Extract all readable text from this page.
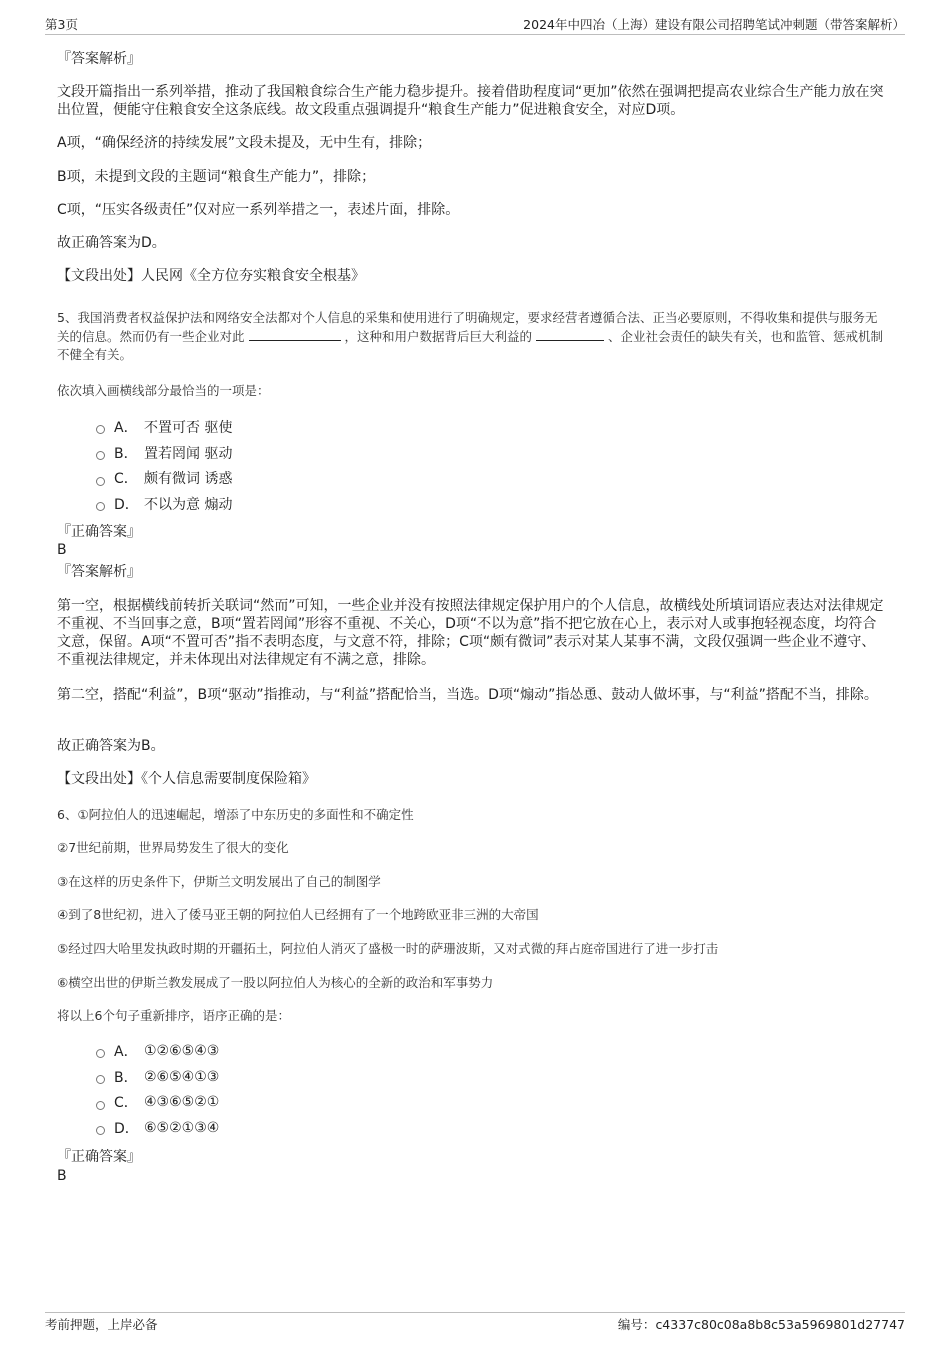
第3页	2024年中四冶（上海）建设有限公司招聘笔试冲刺题（带答案解析）
『答案解析』
文段开篇指出一系列举措，推动了我国粮食综合生产能力稳步提升。接着借助程度词“更加”依然在强调把提高农业综合生产能力放在突出位置，便能守住粮食安全这条底线。故文段重点强调提升“粮食生产能力”促进粮食安全，对应D项。
A项，“确保经济的持续发展”文段未提及，无中生有，排除；
B项，未提到文段的主题词“粮食生产能力”，排除；
C项，“压实各级责任”仅对应一系列举措之一，表述片面，排除。
故正确答案为D。
【文段出处】人民网《全方位夯实粮食安全根基》
5、我国消费者权益保护法和网络安全法都对个人信息的采集和使用进行了明确规定，要求经营者遵循合法、正当必要原则，不得收集和提供与服务无关的信息。然而仍有一些企业对此	，这种和用户数据背后巨大利益的	、企业社会责任的缺失有关，也和监管、惩戒机制不健全有关。
依次填入画横线部分最恰当的一项是：
A． 不置可否 驱使
B． 置若罔闻 驱动
C． 颇有微词 诱惑
D． 不以为意 煽动
『正确答案』
B
『答案解析』
第一空，根据横线前转折关联词“然而”可知，一些企业并没有按照法律规定保护用户的个人信息，故横线处所填词语应表达对法律规定不重视、不当回事之意，B项“置若罔闻”形容不重视、不关心，D项“不以为意”指不把它放在心上，表示对人或事抱轻视态度，均符合文意，保留。A项“不置可否”指不表明态度，与文意不符，排除；C项“颇有微词”表示对某人某事不满，文段仅强调一些企业不遵守、不重视法律规定，并未体现出对法律规定有不满之意，排除。
第二空，搭配“利益”，B项“驱动”指推动，与“利益”搭配恰当，当选。D项“煽动”指怂恿、鼓动人做坏事，与“利益”搭配不当，排除。
故正确答案为B。
【文段出处】《个人信息需要制度保险箱》
6、①阿拉伯人的迅速崛起，增添了中东历史的多面性和不确定性
②7世纪前期，世界局势发生了很大的变化
③在这样的历史条件下，伊斯兰文明发展出了自己的制图学
④到了8世纪初，进入了倭马亚王朝的阿拉伯人已经拥有了一个地跨欧亚非三洲的大帝国
⑤经过四大哈里发执政时期的开疆拓土，阿拉伯人消灭了盛极一时的萨珊波斯，又对式微的拜占庭帝国进行了进一步打击
⑥横空出世的伊斯兰教发展成了一股以阿拉伯人为核心的全新的政治和军事势力
将以上6个句子重新排序，语序正确的是：
A． ①②⑥⑤④③
B． ②⑥⑤④①③
C． ④③⑥⑤②①
D． ⑥⑤②①③④
『正确答案』
B
考前押题，上岸必备	编号：c4337c80c08a8b8c53a5969801d27747
